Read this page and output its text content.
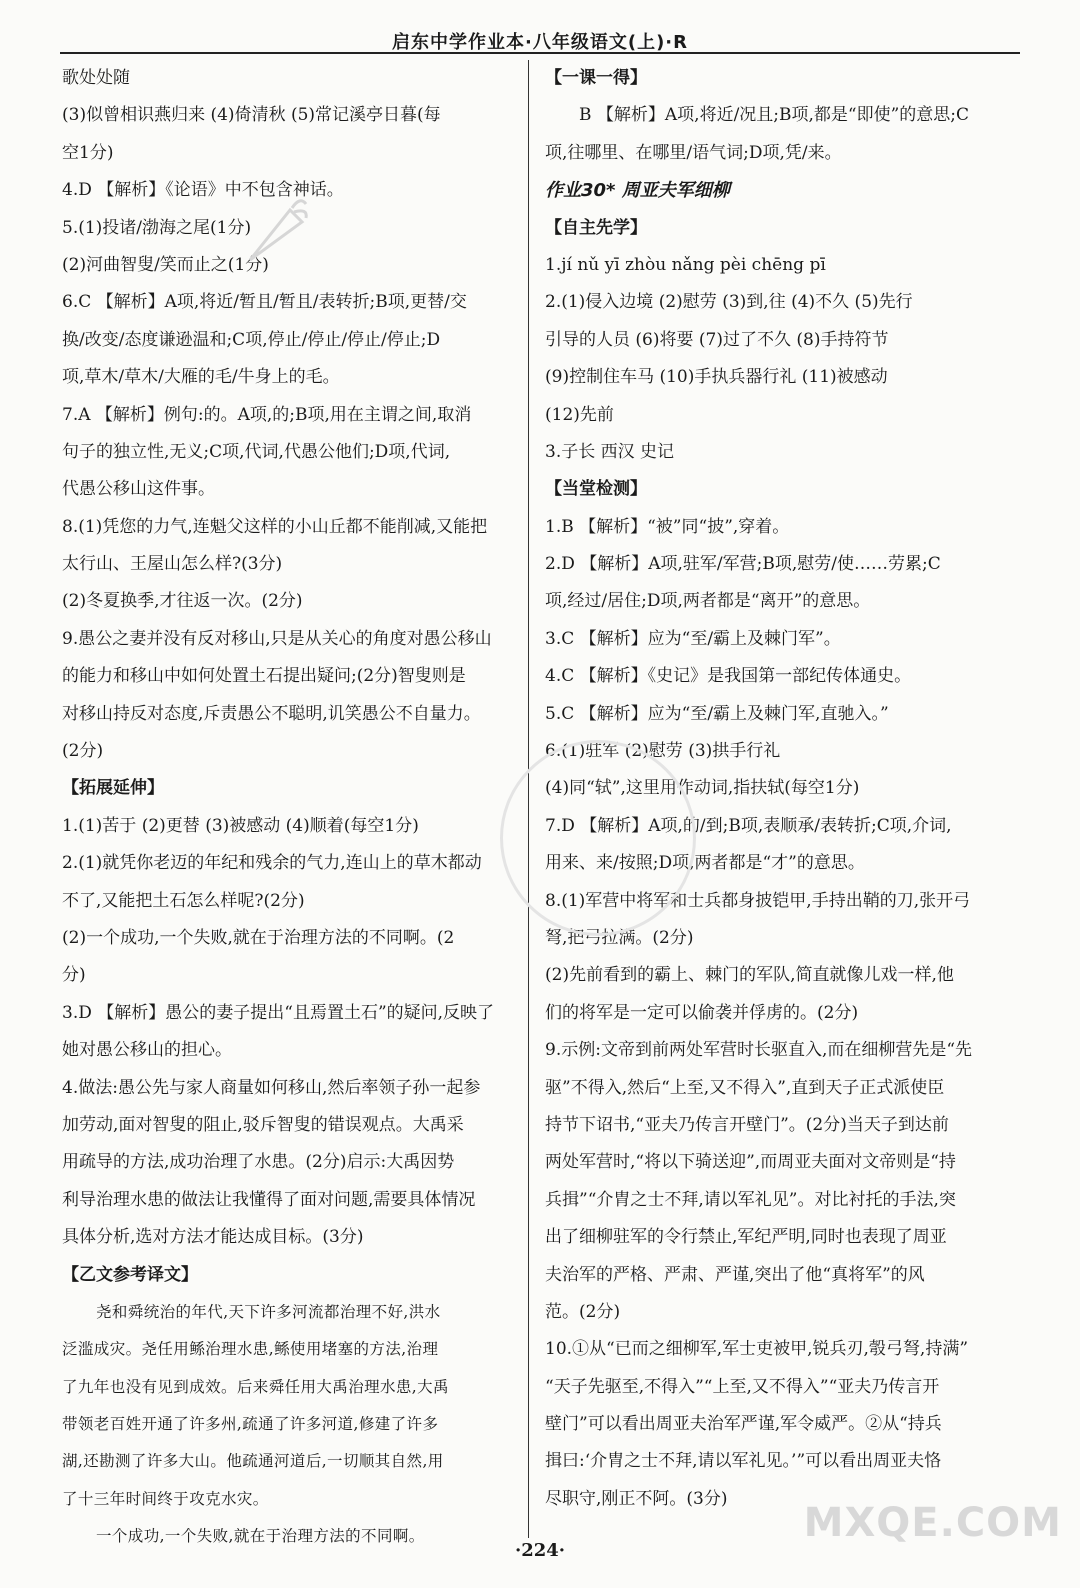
启东中学作业本·八年级语文(上)·R
歌处处随
(3)似曾相识燕归来 (4)倚清秋 (5)常记溪亭日暮(每
空1分)
4.D 【解析】《论语》中不包含神话。
5.(1)投诸/渤海之尾(1分)
(2)河曲智叟/笑而止之(1分)
6.C 【解析】A项,将近/暂且/暂且/表转折;B项,更替/交
换/改变/态度谦逊温和;C项,停止/停止/停止/停止;D
项,草木/草木/大雁的毛/牛身上的毛。
7.A 【解析】例句:的。A项,的;B项,用在主谓之间,取消
句子的独立性,无义;C项,代词,代愚公他们;D项,代词,
代愚公移山这件事。
8.(1)凭您的力气,连魁父这样的小山丘都不能削减,又能把
太行山、王屋山怎么样?(3分)
(2)冬夏换季,才往返一次。(2分)
9.愚公之妻并没有反对移山,只是从关心的角度对愚公移山
的能力和移山中如何处置土石提出疑问;(2分)智叟则是
对移山持反对态度,斥责愚公不聪明,讥笑愚公不自量力。
(2分)
【拓展延伸】
1.(1)苦于 (2)更替 (3)被感动 (4)顺着(每空1分)
2.(1)就凭你老迈的年纪和残余的气力,连山上的草木都动
不了,又能把土石怎么样呢?(2分)
(2)一个成功,一个失败,就在于治理方法的不同啊。(2
分)
3.D 【解析】愚公的妻子提出“且焉置土石”的疑问,反映了
她对愚公移山的担心。
4.做法:愚公先与家人商量如何移山,然后率领子孙一起参
加劳动,面对智叟的阻止,驳斥智叟的错误观点。大禹采
用疏导的方法,成功治理了水患。(2分)启示:大禹因势
利导治理水患的做法让我懂得了面对问题,需要具体情况
具体分析,选对方法才能达成目标。(3分)
【乙文参考译文】
尧和舜统治的年代,天下许多河流都治理不好,洪水
泛滥成灾。尧任用鲧治理水患,鲧使用堵塞的方法,治理
了九年也没有见到成效。后来舜任用大禹治理水患,大禹
带领老百姓开通了许多州,疏通了许多河道,修建了许多
湖,还勘测了许多大山。他疏通河道后,一切顺其自然,用
了十三年时间终于攻克水灾。
一个成功,一个失败,就在于治理方法的不同啊。
【一课一得】
B 【解析】A项,将近/况且;B项,都是“即使”的意思;C
项,往哪里、在哪里/语气词;D项,凭/来。
作业30* 周亚夫军细柳
【自主先学】
1.jí nǔ yī zhòu nǎng pèi chēng pī
2.(1)侵入边境 (2)慰劳 (3)到,往 (4)不久 (5)先行
引导的人员 (6)将要 (7)过了不久 (8)手持符节
(9)控制住车马 (10)手执兵器行礼 (11)被感动
(12)先前
3.子长 西汉 史记
【当堂检测】
1.B 【解析】“被”同“披”,穿着。
2.D 【解析】A项,驻军/军营;B项,慰劳/使……劳累;C
项,经过/居住;D项,两者都是“离开”的意思。
3.C 【解析】应为“至/霸上及棘门军”。
4.C 【解析】《史记》是我国第一部纪传体通史。
5.C 【解析】应为“至/霸上及棘门军,直驰入。”
6.(1)驻军 (2)慰劳 (3)拱手行礼
(4)同“轼”,这里用作动词,指扶轼(每空1分)
7.D 【解析】A项,的/到;B项,表顺承/表转折;C项,介词,
用来、来/按照;D项,两者都是“才”的意思。
8.(1)军营中将军和士兵都身披铠甲,手持出鞘的刀,张开弓
弩,把弓拉满。(2分)
(2)先前看到的霸上、棘门的军队,简直就像儿戏一样,他
们的将军是一定可以偷袭并俘虏的。(2分)
9.示例:文帝到前两处军营时长驱直入,而在细柳营先是“先
驱”不得入,然后“上至,又不得入”,直到天子正式派使臣
持节下诏书,“亚夫乃传言开壁门”。(2分)当天子到达前
两处军营时,“将以下骑送迎”,而周亚夫面对文帝则是“持
兵揖”“介胄之士不拜,请以军礼见”。对比衬托的手法,突
出了细柳驻军的令行禁止,军纪严明,同时也表现了周亚
夫治军的严格、严肃、严谨,突出了他“真将军”的风
范。(2分)
10.①从“已而之细柳军,军士吏被甲,锐兵刃,彀弓弩,持满”
“天子先驱至,不得入”“上至,又不得入”“亚夫乃传言开
壁门”可以看出周亚夫治军严谨,军令威严。②从“持兵
揖曰:‘介胄之士不拜,请以军礼见。’”可以看出周亚夫恪
尽职守,刚正不阿。(3分)
·224·
MXQE.COM
